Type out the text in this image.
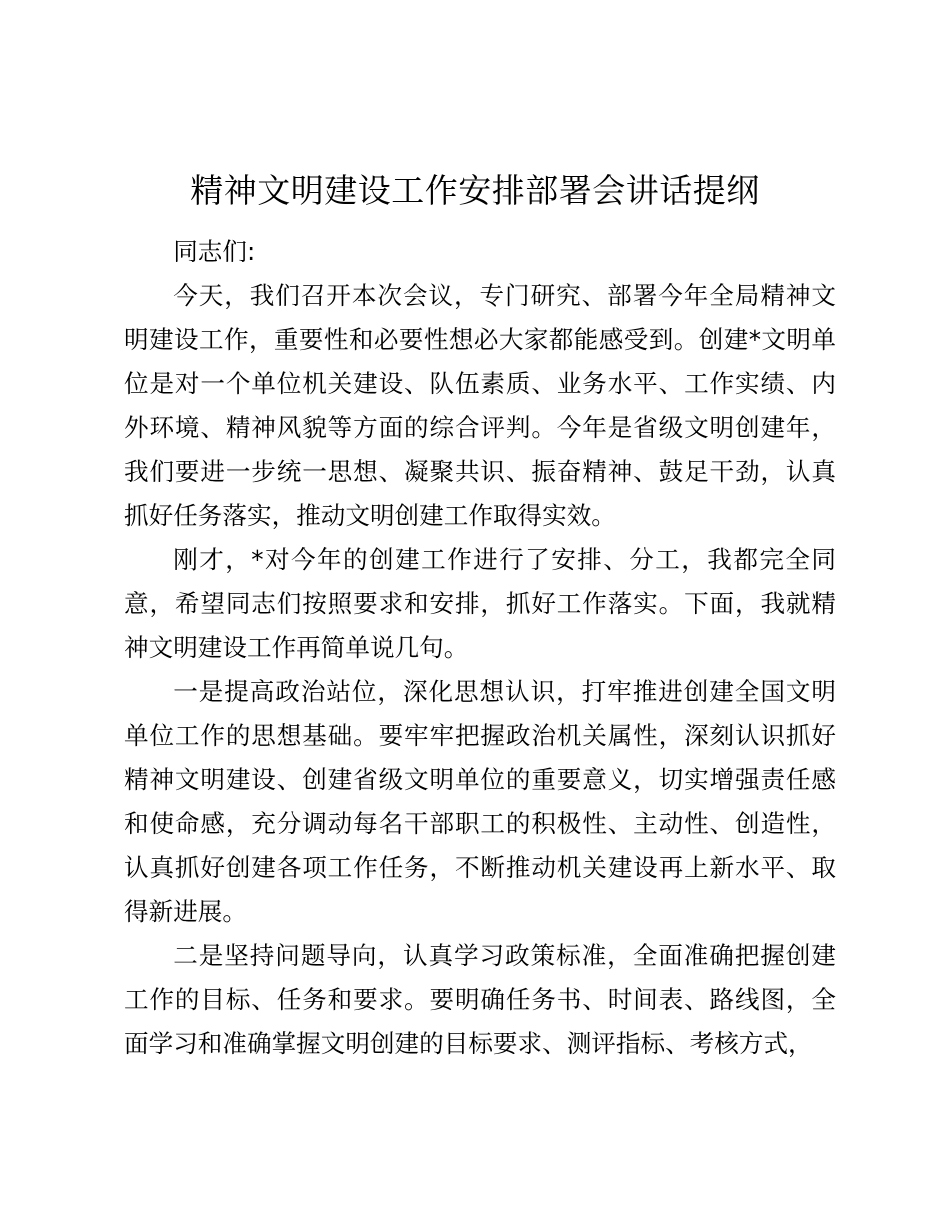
精神文明建设工作安排部署会讲话提纲

同志们:

今天，我们召开本次会议，专门研究、部署今年全局精神文明建设工作，重要性和必要性想必大家都能感受到。创建*文明单位是对一个单位机关建设、队伍素质、业务水平、工作实绩、内外环境、精神风貌等方面的综合评判。今年是省级文明创建年，我们要进一步统一思想、凝聚共识、振奋精神、鼓足干劲，认真抓好任务落实，推动文明创建工作取得实效。

刚才，*对今年的创建工作进行了安排、分工，我都完全同意，希望同志们按照要求和安排，抓好工作落实。下面，我就精神文明建设工作再简单说几句。

一是提高政治站位，深化思想认识，打牢推进创建全国文明单位工作的思想基础。要牢牢把握政治机关属性，深刻认识抓好精神文明建设、创建省级文明单位的重要意义，切实增强责任感和使命感，充分调动每名干部职工的积极性、主动性、创造性，认真抓好创建各项工作任务，不断推动机关建设再上新水平、取得新进展。

二是坚持问题导向，认真学习政策标准，全面准确把握创建工作的目标、任务和要求。要明确任务书、时间表、路线图，全面学习和准确掌握文明创建的目标要求、测评指标、考核方式，
